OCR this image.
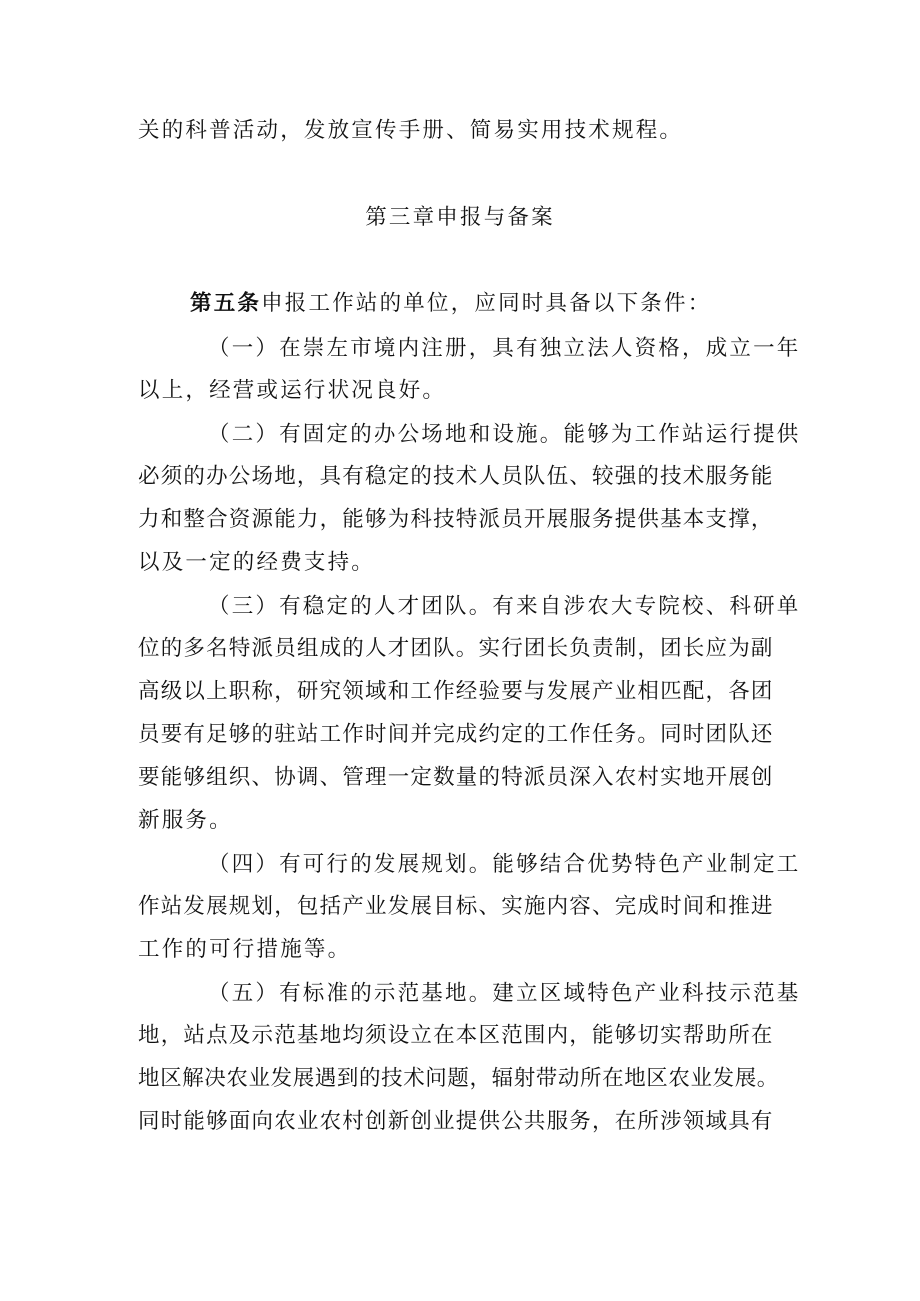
关的科普活动，发放宣传手册、简易实用技术规程。
第三章申报与备案
第五条申报工作站的单位，应同时具备以下条件：
（一）在崇左市境内注册，具有独立法人资格，成立一年
以上，经营或运行状况良好。
（二）有固定的办公场地和设施。能够为工作站运行提供
必须的办公场地，具有稳定的技术人员队伍、较强的技术服务能
力和整合资源能力，能够为科技特派员开展服务提供基本支撑，
以及一定的经费支持。
（三）有稳定的人才团队。有来自涉农大专院校、科研单
位的多名特派员组成的人才团队。实行团长负责制，团长应为副
高级以上职称，研究领域和工作经验要与发展产业相匹配，各团
员要有足够的驻站工作时间并完成约定的工作任务。同时团队还
要能够组织、协调、管理一定数量的特派员深入农村实地开展创
新服务。
（四）有可行的发展规划。能够结合优势特色产业制定工
作站发展规划，包括产业发展目标、实施内容、完成时间和推进
工作的可行措施等。
（五）有标准的示范基地。建立区域特色产业科技示范基
地，站点及示范基地均须设立在本区范围内，能够切实帮助所在
地区解决农业发展遇到的技术问题，辐射带动所在地区农业发展。
同时能够面向农业农村创新创业提供公共服务，在所涉领域具有
